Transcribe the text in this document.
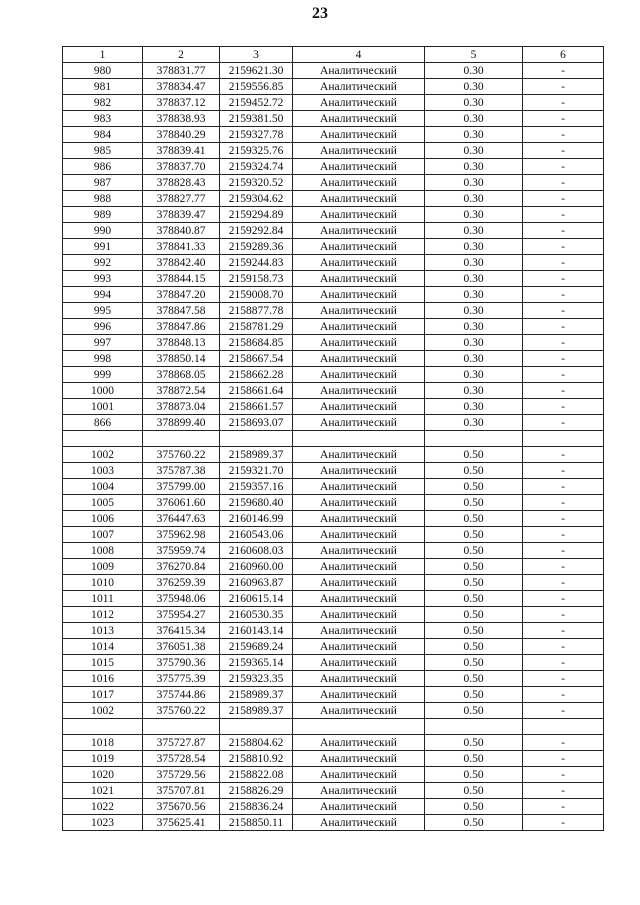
23
1	2	3	4	5	6
980	378831.77	2159621.30	Аналитический	0.30	-
981	378834.47	2159556.85	Аналитический	0.30	-
982	378837.12	2159452.72	Аналитический	0.30	-
983	378838.93	2159381.50	Аналитический	0.30	-
984	378840.29	2159327.78	Аналитический	0.30	-
985	378839.41	2159325.76	Аналитический	0.30	-
986	378837.70	2159324.74	Аналитический	0.30	-
987	378828.43	2159320.52	Аналитический	0.30	-
988	378827.77	2159304.62	Аналитический	0.30	-
989	378839.47	2159294.89	Аналитический	0.30	-
990	378840.87	2159292.84	Аналитический	0.30	-
991	378841.33	2159289.36	Аналитический	0.30	-
992	378842.40	2159244.83	Аналитический	0.30	-
993	378844.15	2159158.73	Аналитический	0.30	-
994	378847.20	2159008.70	Аналитический	0.30	-
995	378847.58	2158877.78	Аналитический	0.30	-
996	378847.86	2158781.29	Аналитический	0.30	-
997	378848.13	2158684.85	Аналитический	0.30	-
998	378850.14	2158667.54	Аналитический	0.30	-
999	378868.05	2158662.28	Аналитический	0.30	-
1000	378872.54	2158661.64	Аналитический	0.30	-
1001	378873.04	2158661.57	Аналитический	0.30	-
866	378899.40	2158693.07	Аналитический	0.30	-

1002	375760.22	2158989.37	Аналитический	0.50	-
1003	375787.38	2159321.70	Аналитический	0.50	-
1004	375799.00	2159357.16	Аналитический	0.50	-
1005	376061.60	2159680.40	Аналитический	0.50	-
1006	376447.63	2160146.99	Аналитический	0.50	-
1007	375962.98	2160543.06	Аналитический	0.50	-
1008	375959.74	2160608.03	Аналитический	0.50	-
1009	376270.84	2160960.00	Аналитический	0.50	-
1010	376259.39	2160963.87	Аналитический	0.50	-
1011	375948.06	2160615.14	Аналитический	0.50	-
1012	375954.27	2160530.35	Аналитический	0.50	-
1013	376415.34	2160143.14	Аналитический	0.50	-
1014	376051.38	2159689.24	Аналитический	0.50	-
1015	375790.36	2159365.14	Аналитический	0.50	-
1016	375775.39	2159323.35	Аналитический	0.50	-
1017	375744.86	2158989.37	Аналитический	0.50	-
1002	375760.22	2158989.37	Аналитический	0.50	-

1018	375727.87	2158804.62	Аналитический	0.50	-
1019	375728.54	2158810.92	Аналитический	0.50	-
1020	375729.56	2158822.08	Аналитический	0.50	-
1021	375707.81	2158826.29	Аналитический	0.50	-
1022	375670.56	2158836.24	Аналитический	0.50	-
1023	375625.41	2158850.11	Аналитический	0.50	-
